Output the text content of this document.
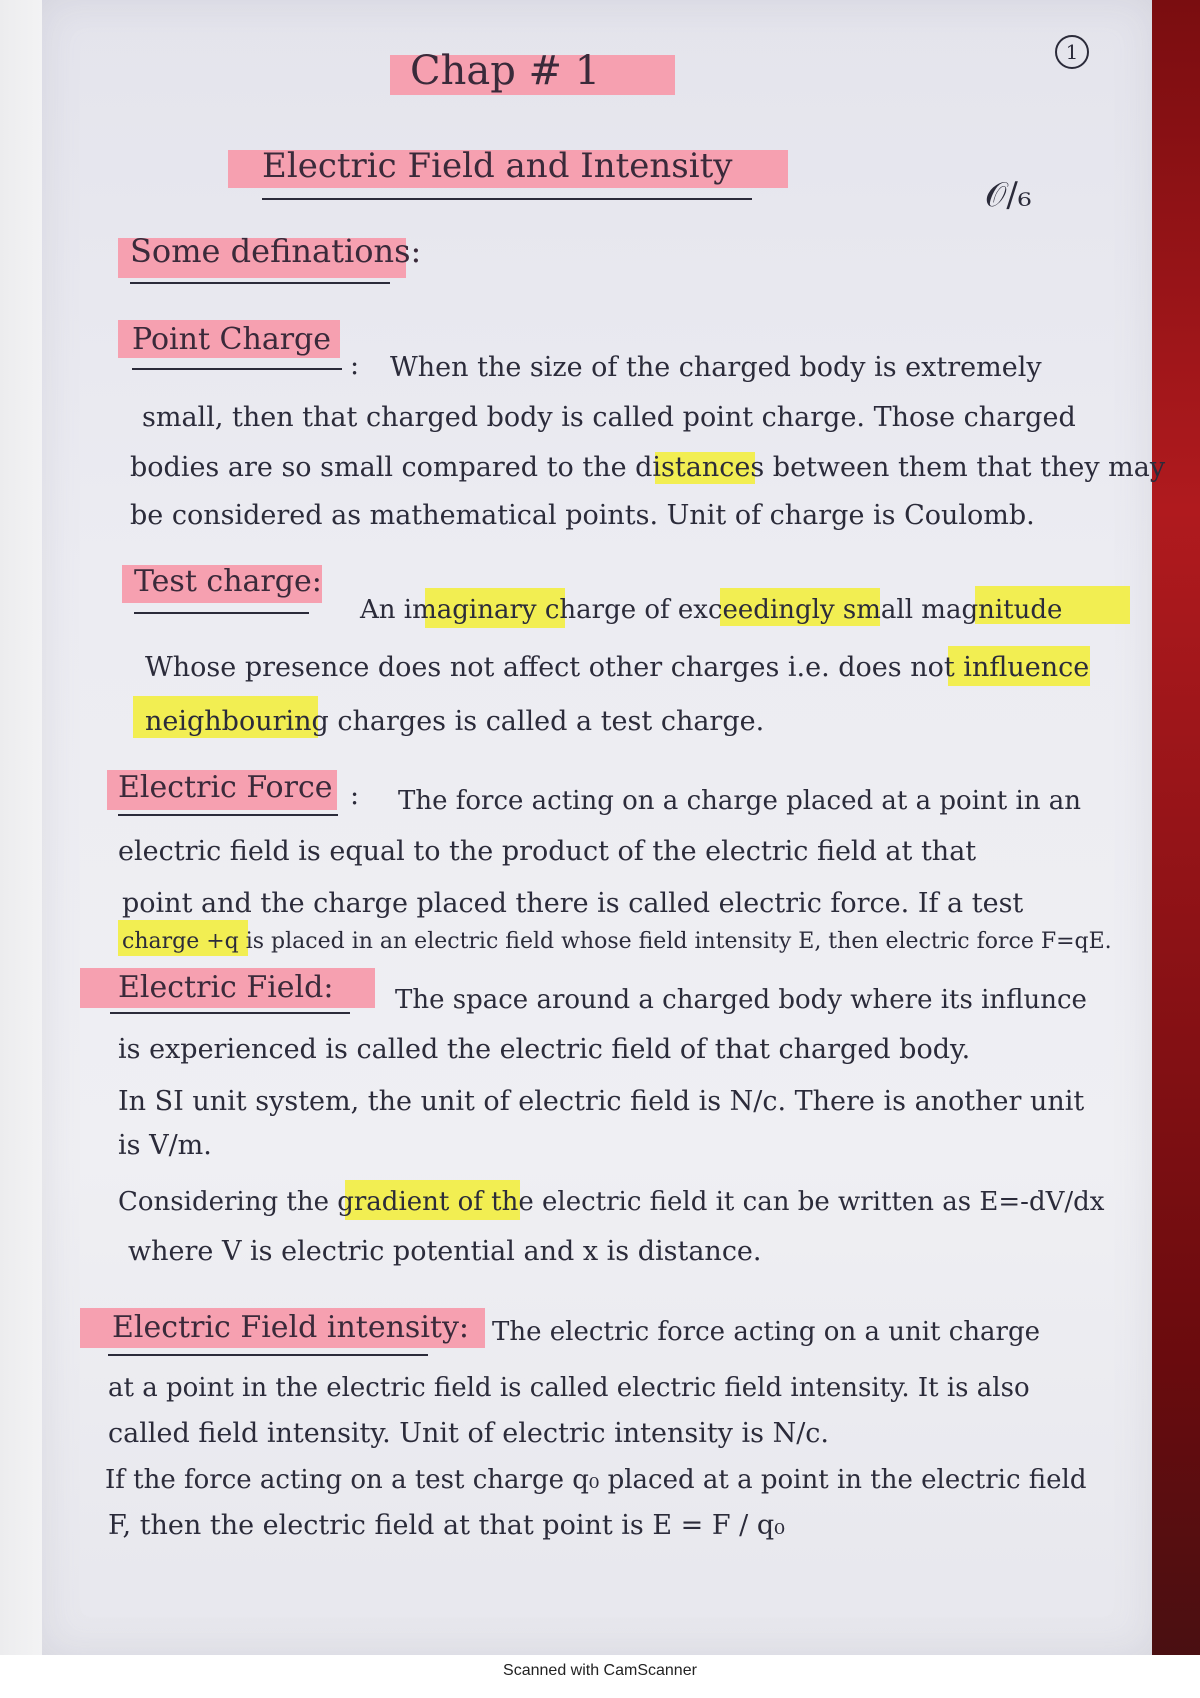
1
Chap # 1
Electric Field and Intensity
𝒪∕₆
Some definations:
Point Charge
: When the size of the charged body is extremely
small, then that charged body is called point charge. Those charged
bodies are so small compared to the distances between them that they may
be considered as mathematical points. Unit of charge is Coulomb.
Test charge:
An imaginary charge of exceedingly small magnitude
Whose presence does not affect other charges i.e. does not influence
neighbouring charges is called a test charge.
Electric Force : The force acting on a charge placed at a point in an
electric field is equal to the product of the electric field at that
point and the charge placed there is called electric force. If a test
charge +q is placed in an electric field whose field intensity E, then electric force F=qE.
Electric Field: The space around a charged body where its influnce
is experienced is called the electric field of that charged body.
In SI unit system, the unit of electric field is N/c. There is another unit
is V/m.
Considering the gradient of the electric field it can be written as E=-dV/dx
where V is electric potential and x is distance.
Electric Field intensity: The electric force acting on a unit charge
at a point in the electric field is called electric field intensity. It is also
called field intensity. Unit of electric intensity is N/c.
If the force acting on a test charge q₀ placed at a point in the electric field
F, then the electric field at that point is E = F / q₀
Scanned with CamScanner
